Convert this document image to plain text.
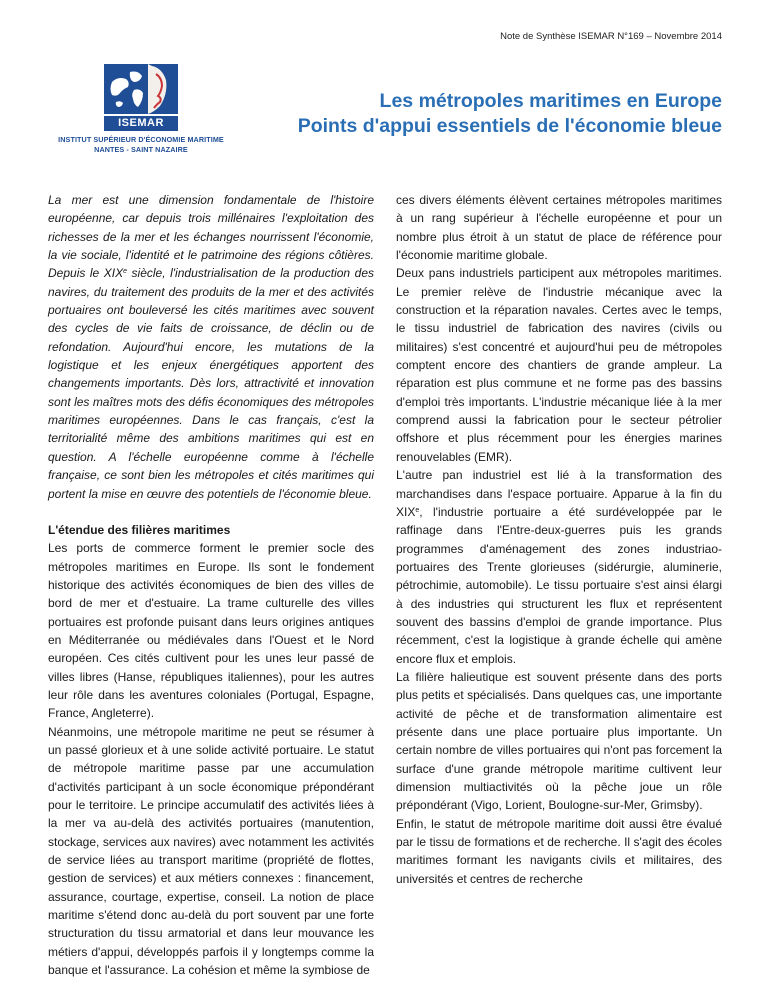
Note de Synthèse ISEMAR N°169 – Novembre 2014
ISEMAR
INSTITUT SUPÉRIEUR D'ÉCONOMIE MARITIME
NANTES - SAINT NAZAIRE
Les métropoles maritimes en Europe
Points d'appui essentiels de l'économie bleue

La mer est une dimension fondamentale de l'histoire européenne, car depuis trois millénaires l'exploitation des richesses de la mer et les échanges nourrissent l'économie, la vie sociale, l'identité et le patrimoine des régions côtières. Depuis le XIXe siècle, l'industrialisation de la production des navires, du traitement des produits de la mer et des activités portuaires ont bouleversé les cités maritimes avec souvent des cycles de vie faits de croissance, de déclin ou de refondation. Aujourd'hui encore, les mutations de la logistique et les enjeux énergétiques apportent des changements importants. Dès lors, attractivité et innovation sont les maîtres mots des défis économiques des métropoles maritimes européennes. Dans le cas français, c'est la territorialité même des ambitions maritimes qui est en question. A l'échelle européenne comme à l'échelle française, ce sont bien les métropoles et cités maritimes qui portent la mise en œuvre des potentiels de l'économie bleue.

L'étendue des filières maritimes

Les ports de commerce forment le premier socle des métropoles maritimes en Europe. Ils sont le fondement historique des activités économiques de bien des villes de bord de mer et d'estuaire. La trame culturelle des villes portuaires est profonde puisant dans leurs origines antiques en Méditerranée ou médiévales dans l'Ouest et le Nord européen. Ces cités cultivent pour les unes leur passé de villes libres (Hanse, républiques italiennes), pour les autres leur rôle dans les aventures coloniales (Portugal, Espagne, France, Angleterre).

Néanmoins, une métropole maritime ne peut se résumer à un passé glorieux et à une solide activité portuaire. Le statut de métropole maritime passe par une accumulation d'activités participant à un socle économique prépondérant pour le territoire. Le principe accumulatif des activités liées à la mer va au-delà des activités portuaires (manutention, stockage, services aux navires) avec notamment les activités de service liées au transport maritime (propriété de flottes, gestion de services) et aux métiers connexes : financement, assurance, courtage, expertise, conseil. La notion de place maritime s'étend donc au-delà du port souvent par une forte structuration du tissu armatorial et dans leur mouvance les métiers d'appui, développés parfois il y longtemps comme la banque et l'assurance. La cohésion et même la symbiose de

ces divers éléments élèvent certaines métropoles maritimes à un rang supérieur à l'échelle européenne et pour un nombre plus étroit à un statut de place de référence pour l'économie maritime globale.

Deux pans industriels participent aux métropoles maritimes. Le premier relève de l'industrie mécanique avec la construction et la réparation navales. Certes avec le temps, le tissu industriel de fabrication des navires (civils ou militaires) s'est concentré et aujourd'hui peu de métropoles comptent encore des chantiers de grande ampleur. La réparation est plus commune et ne forme pas des bassins d'emploi très importants. L'industrie mécanique liée à la mer comprend aussi la fabrication pour le secteur pétrolier offshore et plus récemment pour les énergies marines renouvelables (EMR).

L'autre pan industriel est lié à la transformation des marchandises dans l'espace portuaire. Apparue à la fin du XIXe, l'industrie portuaire a été surdéveloppée par le raffinage dans l'Entre-deux-guerres puis les grands programmes d'aménagement des zones industriao-portuaires des Trente glorieuses (sidérurgie, aluminerie, pétrochimie, automobile). Le tissu portuaire s'est ainsi élargi à des industries qui structurent les flux et représentent souvent des bassins d'emploi de grande importance. Plus récemment, c'est la logistique à grande échelle qui amène encore flux et emplois.

La filière halieutique est souvent présente dans des ports plus petits et spécialisés. Dans quelques cas, une importante activité de pêche et de transformation alimentaire est présente dans une place portuaire plus importante. Un certain nombre de villes portuaires qui n'ont pas forcement la surface d'une grande métropole maritime cultivent leur dimension multiactivités où la pêche joue un rôle prépondérant (Vigo, Lorient, Boulogne-sur-Mer, Grimsby).

Enfin, le statut de métropole maritime doit aussi être évalué par le tissu de formations et de recherche. Il s'agit des écoles maritimes formant les navigants civils et militaires, des universités et centres de recherche
